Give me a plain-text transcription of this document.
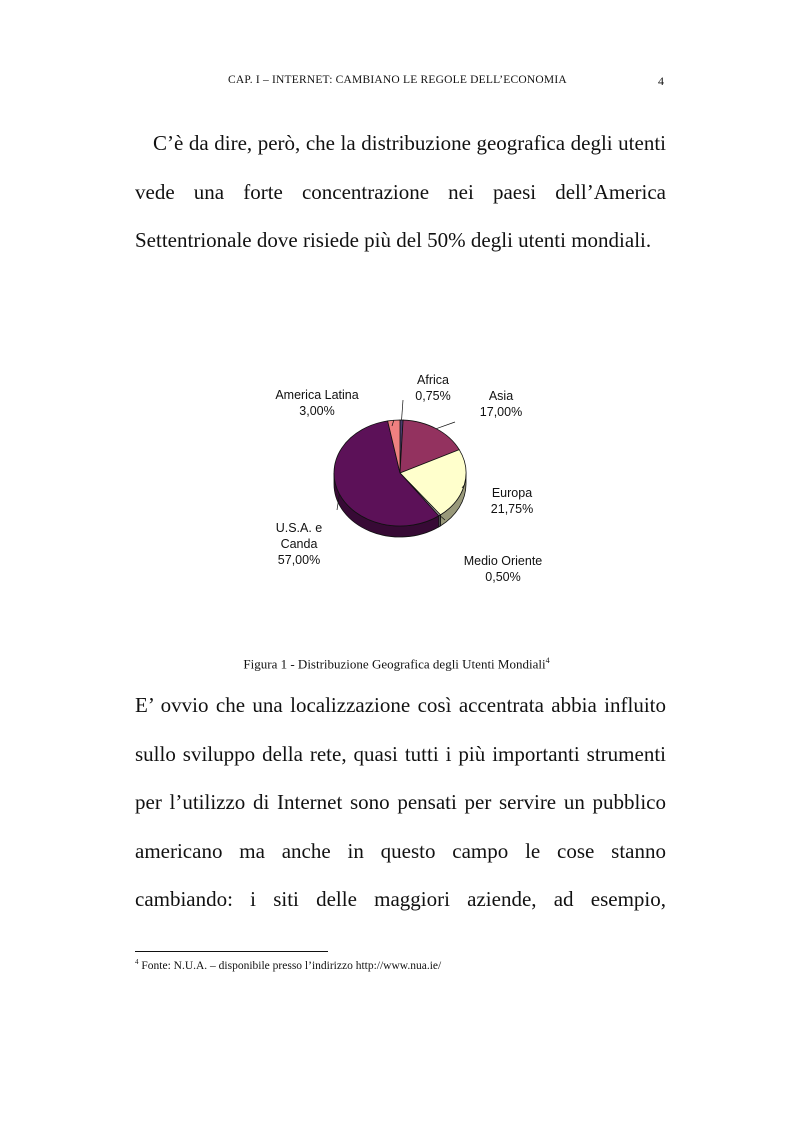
CAP. I – INTERNET: CAMBIANO LE REGOLE DELL’ECONOMIA	4
C’è da dire, però, che la distribuzione geografica degli utenti
vede una forte concentrazione nei paesi dell’America
Settentrionale dove risiede più del 50% degli utenti mondiali.
Africa
0,75%	Asia
17,00%
Europa
21,75%
Medio Oriente
0,50%
U.S.A. e
Canda
57,00%
America Latina
3,00%
Figura 1 - Distribuzione Geografica degli Utenti Mondiali$^4$
E’ ovvio che una localizzazione così accentrata abbia influito
sullo sviluppo della rete, quasi tutti i più importanti strumenti
per l’utilizzo di Internet sono pensati per servire un pubblico
americano ma anche in questo campo le cose stanno
cambiando: i siti delle maggiori aziende, ad esempio,
$^4$ Fonte: N.U.A. – disponibile presso l’indirizzo http://www.nua.ie/
